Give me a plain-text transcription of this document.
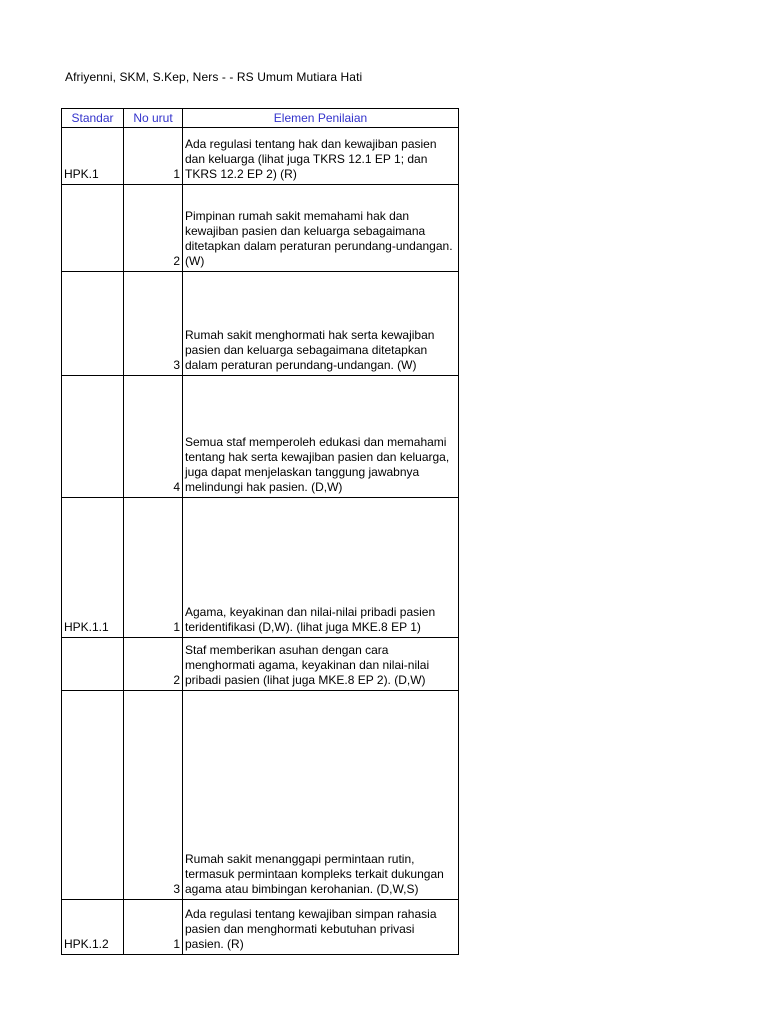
Afriyenni, SKM, S.Kep, Ners - - RS Umum Mutiara Hati
Standar	No urut	Elemen Penilaian
HPK.1	1	Ada regulasi tentang hak dan kewajiban pasien dan keluarga (lihat juga TKRS 12.1 EP 1; dan TKRS 12.2 EP 2) (R)
	2	Pimpinan rumah sakit memahami hak dan kewajiban pasien dan keluarga sebagaimana ditetapkan dalam peraturan perundang-undangan. (W)
	3	Rumah sakit menghormati hak serta kewajiban pasien dan keluarga sebagaimana ditetapkan dalam peraturan perundang-undangan. (W)
	4	Semua staf memperoleh edukasi dan memahami tentang hak serta kewajiban pasien dan keluarga, juga dapat menjelaskan tanggung jawabnya melindungi hak pasien. (D,W)
HPK.1.1	1	Agama, keyakinan dan nilai-nilai pribadi pasien teridentifikasi (D,W). (lihat juga MKE.8 EP 1)
	2	Staf memberikan asuhan dengan cara menghormati agama, keyakinan dan nilai-nilai pribadi pasien (lihat juga MKE.8 EP 2). (D,W)
	3	Rumah sakit menanggapi permintaan rutin, termasuk permintaan kompleks terkait dukungan agama atau bimbingan kerohanian. (D,W,S)
HPK.1.2	1	Ada regulasi tentang kewajiban simpan rahasia pasien dan menghormati kebutuhan privasi pasien. (R)
